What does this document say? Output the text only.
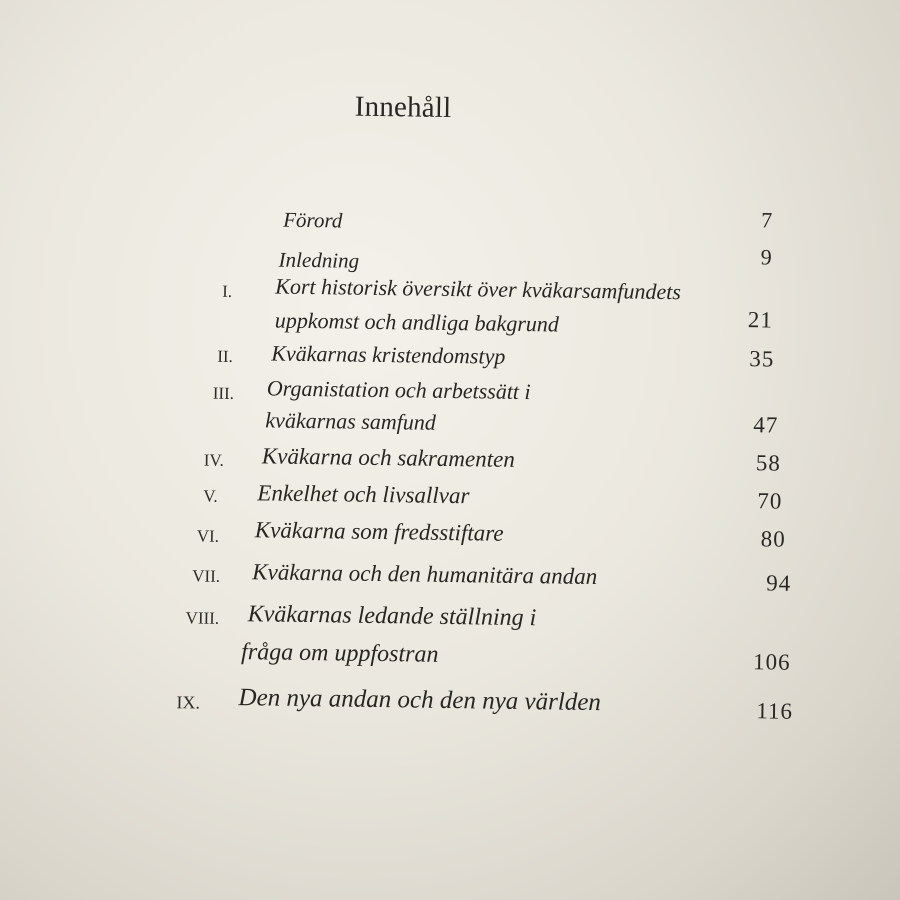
Innehåll
Förord	7
Inledning	9
I. Kort historisk översikt över kväkarsamfundets
uppkomst och andliga bakgrund	21
II. Kväkarnas kristendomstyp	35
III. Organistation och arbetssätt i
kväkarnas samfund	47
IV. Kväkarna och sakramenten	58
V. Enkelhet och livsallvar	70
VI. Kväkarna som fredsstiftare	80
VII. Kväkarna och den humanitära andan	94
VIII. Kväkarnas ledande ställning i
fråga om uppfostran	106
IX. Den nya andan och den nya världen	116
